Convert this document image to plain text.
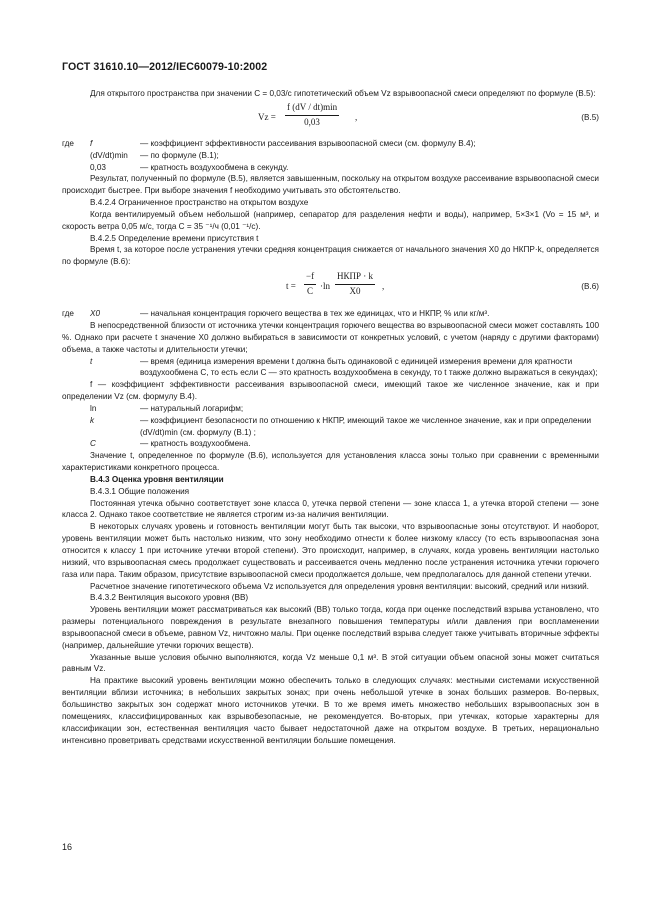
ГОСТ 31610.10—2012/IEC60079-10:2002

Для открытого пространства при значении C = 0,03/с гипотетический объем Vz взрывоопасной смеси определяют по формуле (В.5):

Vz =
f (dV / dt)min
0,03	,	(В.5)
где	f	— коэффициент эффективности рассеивания взрывоопасной смеси (см. формулу В.4);
(dV/dt)min	— по формуле (В.1);
0,03	— кратность воздухообмена в секунду.

Результат, полученный по формуле (В.5), является завышенным, поскольку на открытом воздухе рассеивание взрывоопасной смеси происходит быстрее. При выборе значения f необходимо учитывать это обстоятельство.

В.4.2.4 Ограниченное пространство на открытом воздухе

Когда вентилируемый объем небольшой (например, сепаратор для разделения нефти и воды), например, 5×3×1 (Vo = 15 м³, и скорость ветра 0,05 м/с, тогда C = 35 ⁻¹/ч (0,01 ⁻¹/с).

В.4.2.5 Определение времени присутствия t

Время t, за которое после устранения утечки средняя концентрация снижается от начального значения X0 до НКПР·k, определяется по формуле (В.6):

$t = \frac{-f}{C} \cdot\ln$
НКПР · k
X0	,	(В.6)
где	X0	— начальная концентрация горючего вещества в тех же единицах, что и НКПР, % или кг/м³.

В непосредственной близости от источника утечки концентрация горючего вещества во взрывоопасной смеси может составлять 100 %. Однако при расчете t значение X0 должно выбираться в зависимости от конкретных условий, с учетом (наряду с другими факторами) объема, а также частоты и длительности утечки;

t	— время (единица измерения времени t должна быть одинаковой с единицей измерения времени для кратности воздухообмена C, то есть если C — это кратность воздухообмена в секунду, то t также должно выражаться в секундах);

f — коэффициент эффективности рассеивания взрывоопасной смеси, имеющий такое же численное значение, как и при определении Vz (см. формулу В.4).

ln	— натуральный логарифм;
k	— коэффициент безопасности по отношению к НКПР, имеющий такое же численное значение, как и при определении (dV/dt)min (см. формулу (В.1) ;
C	— кратность воздухообмена.

Значение t, определенное по формуле (В.6), используется для установления класса зоны только при сравнении с временными характеристиками конкретного процесса.

В.4.3 Оценка уровня вентиляции
В.4.3.1 Общие положения

Постоянная утечка обычно соответствует зоне класса 0, утечка первой степени — зоне класса 1, а утечка второй степени — зоне класса 2. Однако такое соответствие не является строгим из-за наличия вентиляции.

В некоторых случаях уровень и готовность вентиляции могут быть так высоки, что взрывоопасные зоны отсутствуют. И наоборот, уровень вентиляции может быть настолько низким, что зону необходимо отнести к более низкому классу (то есть взрывоопасная зона относится к классу 1 при источнике утечки второй степени). Это происходит, например, в случаях, когда уровень вентиляции настолько низкий, что взрывоопасная смесь продолжает существовать и рассеивается очень медленно после устранения источника утечки горючего газа или пара. Таким образом, присутствие взрывоопасной смеси продолжается дольше, чем предполагалось для данной степени утечки.

Расчетное значение гипотетического объема Vz используется для определения уровня вентиляции: высокий, средний или низкий.

В.4.3.2 Вентиляция высокого уровня (ВВ)

Уровень вентиляции может рассматриваться как высокий (ВВ) только тогда, когда при оценке последствий взрыва установлено, что размеры потенциального повреждения в результате внезапного повышения температуры и/или давления при воспламенении взрывоопасной смеси в объеме, равном Vz, ничтожно малы. При оценке последствий взрыва следует также учитывать вторичные эффекты (например, дальнейшие утечки горючих веществ).

Указанные выше условия обычно выполняются, когда Vz меньше 0,1 м³. В этой ситуации объем опасной зоны может считаться равным Vz.

На практике высокий уровень вентиляции можно обеспечить только в следующих случаях: местными системами искусственной вентиляции вблизи источника; в небольших закрытых зонах; при очень небольшой утечке в зонах больших размеров. Во-первых, большинство закрытых зон содержат много источников утечки. В то же время иметь множество небольших взрывоопасных зон в помещениях, классифицированных как взрывобезопасные, не рекомендуется. Во-вторых, при утечках, которые характерны для классификации зон, естественная вентиляция часто бывает недостаточной даже на открытом воздухе. В третьих, нерационально интенсивно проветривать средствами искусственной вентиляции большие помещения.

16
